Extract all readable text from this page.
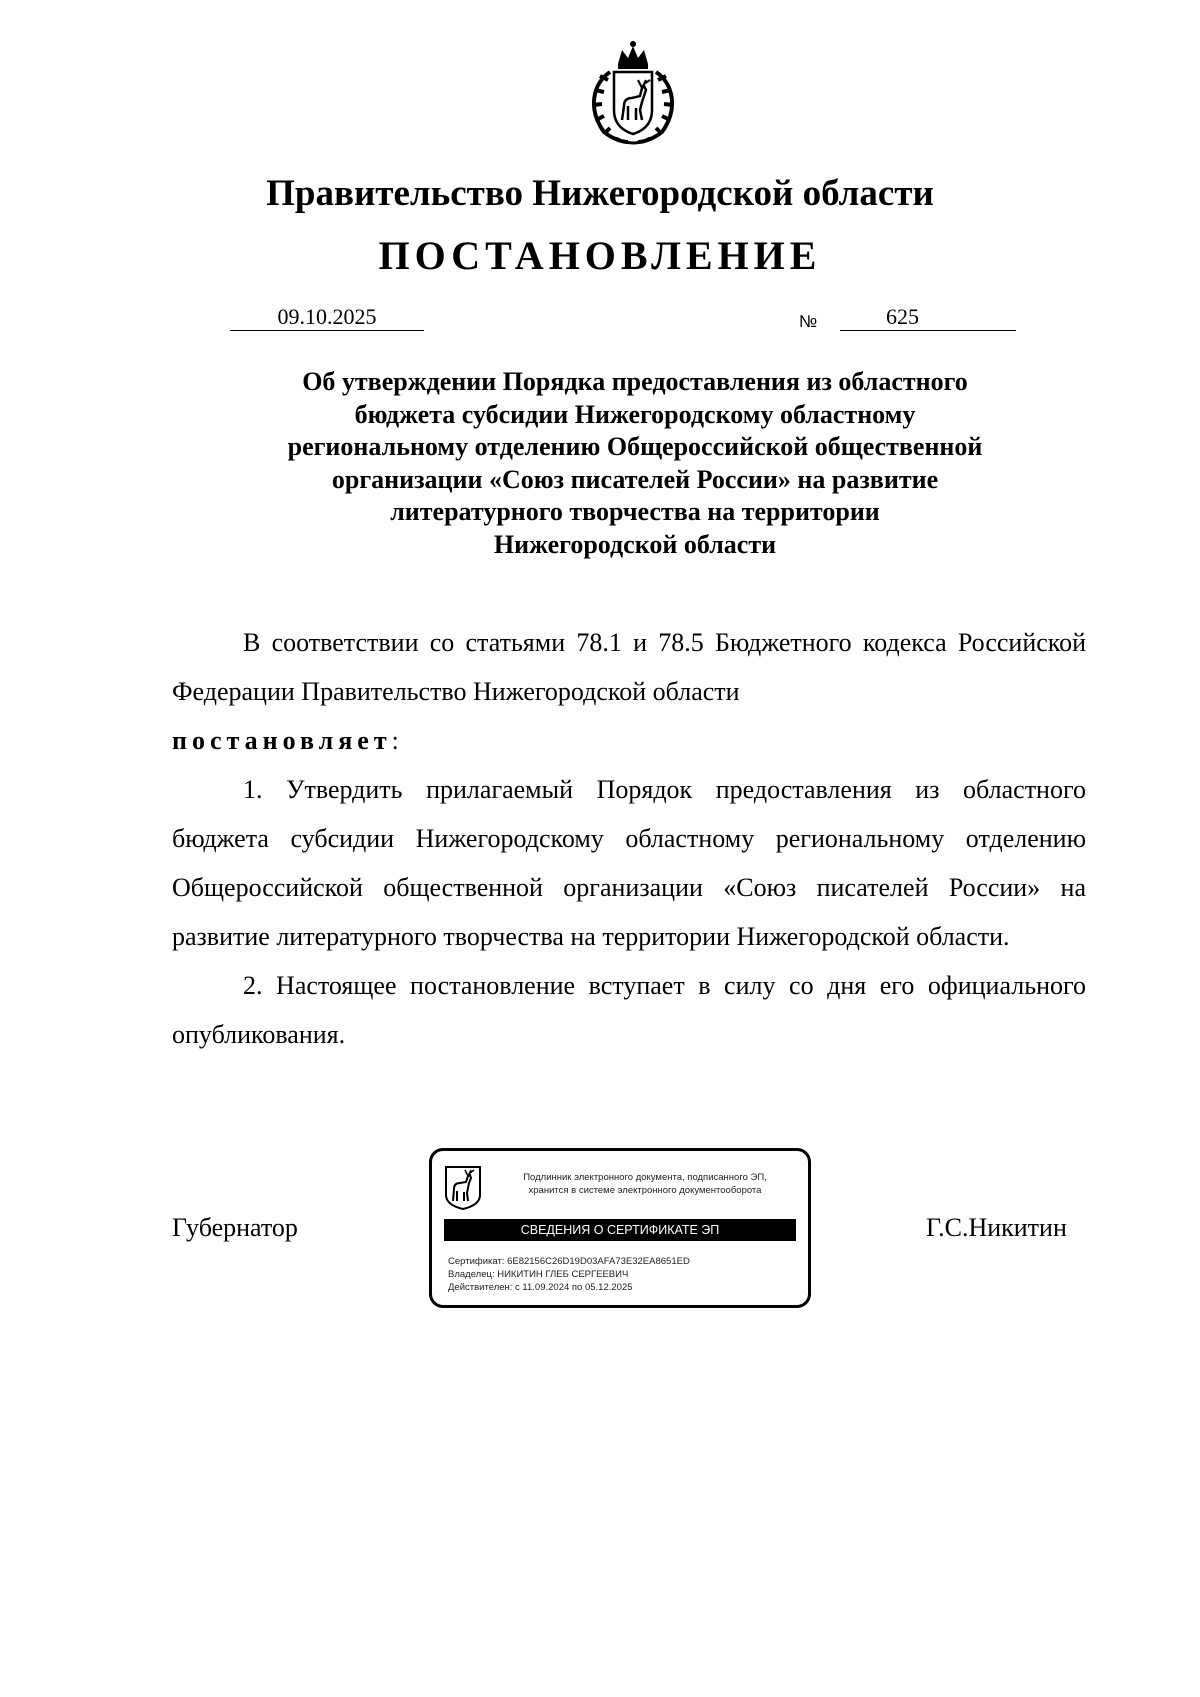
Правительство Нижегородской области
ПОСТАНОВЛЕНИЕ
09.10.2025	№	625
Об утверждении Порядка предоставления из областного
бюджета субсидии Нижегородскому областному
региональному отделению Общероссийской общественной
организации «Союз писателей России» на развитие
литературного творчества на территории
Нижегородской области

В соответствии со статьями 78.1 и 78.5 Бюджетного кодекса Российской Федерации Правительство Нижегородской области

постановляет:

1. Утвердить прилагаемый Порядок предоставления из областного бюджета субсидии Нижегородскому областному региональному отделению Общероссийской общественной организации «Союз писателей России» на развитие литературного творчества на территории Нижегородской области.

2. Настоящее постановление вступает в силу со дня его официального опубликования.

Губернатор	Г.С.Никитин
Подлинник электронного документа, подписанного ЭП,
хранится в системе электронного документооборота
СВЕДЕНИЯ О СЕРТИФИКАТЕ ЭП
Сертификат: 6E82156C26D19D03AFA73E32EA8651ED
Владелец: НИКИТИН ГЛЕБ СЕРГЕЕВИЧ
Действителен: с 11.09.2024 по 05.12.2025
